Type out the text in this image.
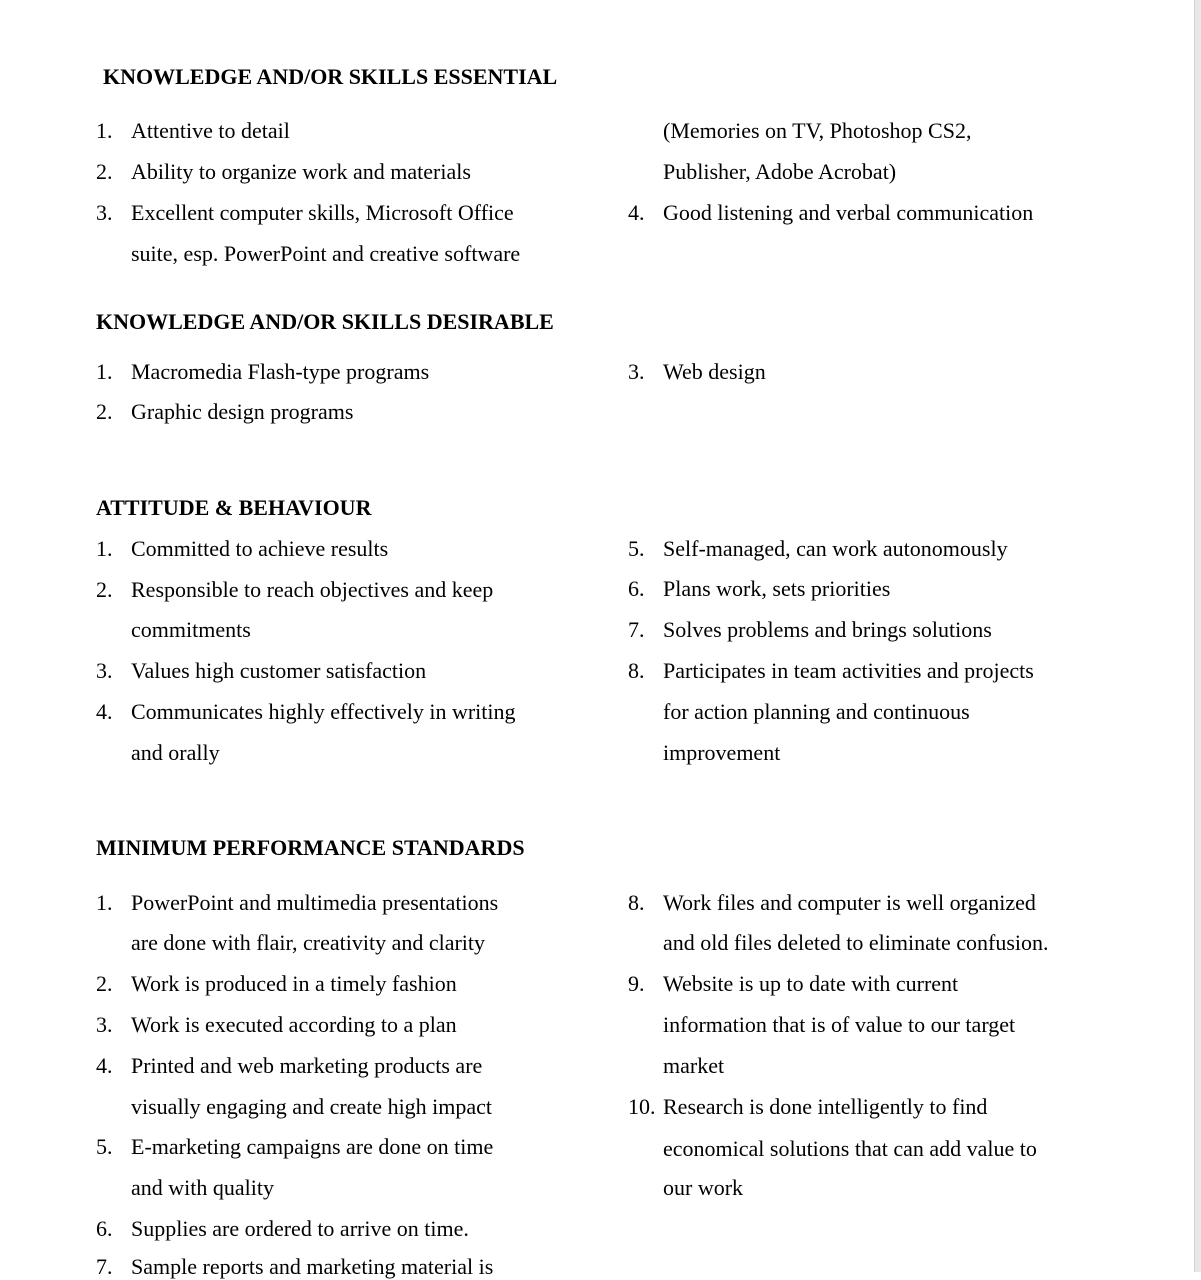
KNOWLEDGE AND/OR SKILLS ESSENTIAL
1. Attentive to detail
2. Ability to organize work and materials
3. Excellent computer skills, Microsoft Office
suite, esp. PowerPoint and creative software
(Memories on TV, Photoshop CS2,
Publisher, Adobe Acrobat)
4. Good listening and verbal communication
KNOWLEDGE AND/OR SKILLS DESIRABLE
1. Macromedia Flash-type programs
2. Graphic design programs
3. Web design
ATTITUDE & BEHAVIOUR
1. Committed to achieve results
2. Responsible to reach objectives and keep
commitments
3. Values high customer satisfaction
4. Communicates highly effectively in writing
and orally
5. Self-managed, can work autonomously
6. Plans work, sets priorities
7. Solves problems and brings solutions
8. Participates in team activities and projects
for action planning and continuous
improvement
MINIMUM PERFORMANCE STANDARDS
1. PowerPoint and multimedia presentations
are done with flair, creativity and clarity
2. Work is produced in a timely fashion
3. Work is executed according to a plan
4. Printed and web marketing products are
visually engaging and create high impact
5. E-marketing campaigns are done on time
and with quality
6. Supplies are ordered to arrive on time.
7. Sample reports and marketing material is
8. Work files and computer is well organized
and old files deleted to eliminate confusion.
9. Website is up to date with current
information that is of value to our target
market
10. Research is done intelligently to find
economical solutions that can add value to
our work
